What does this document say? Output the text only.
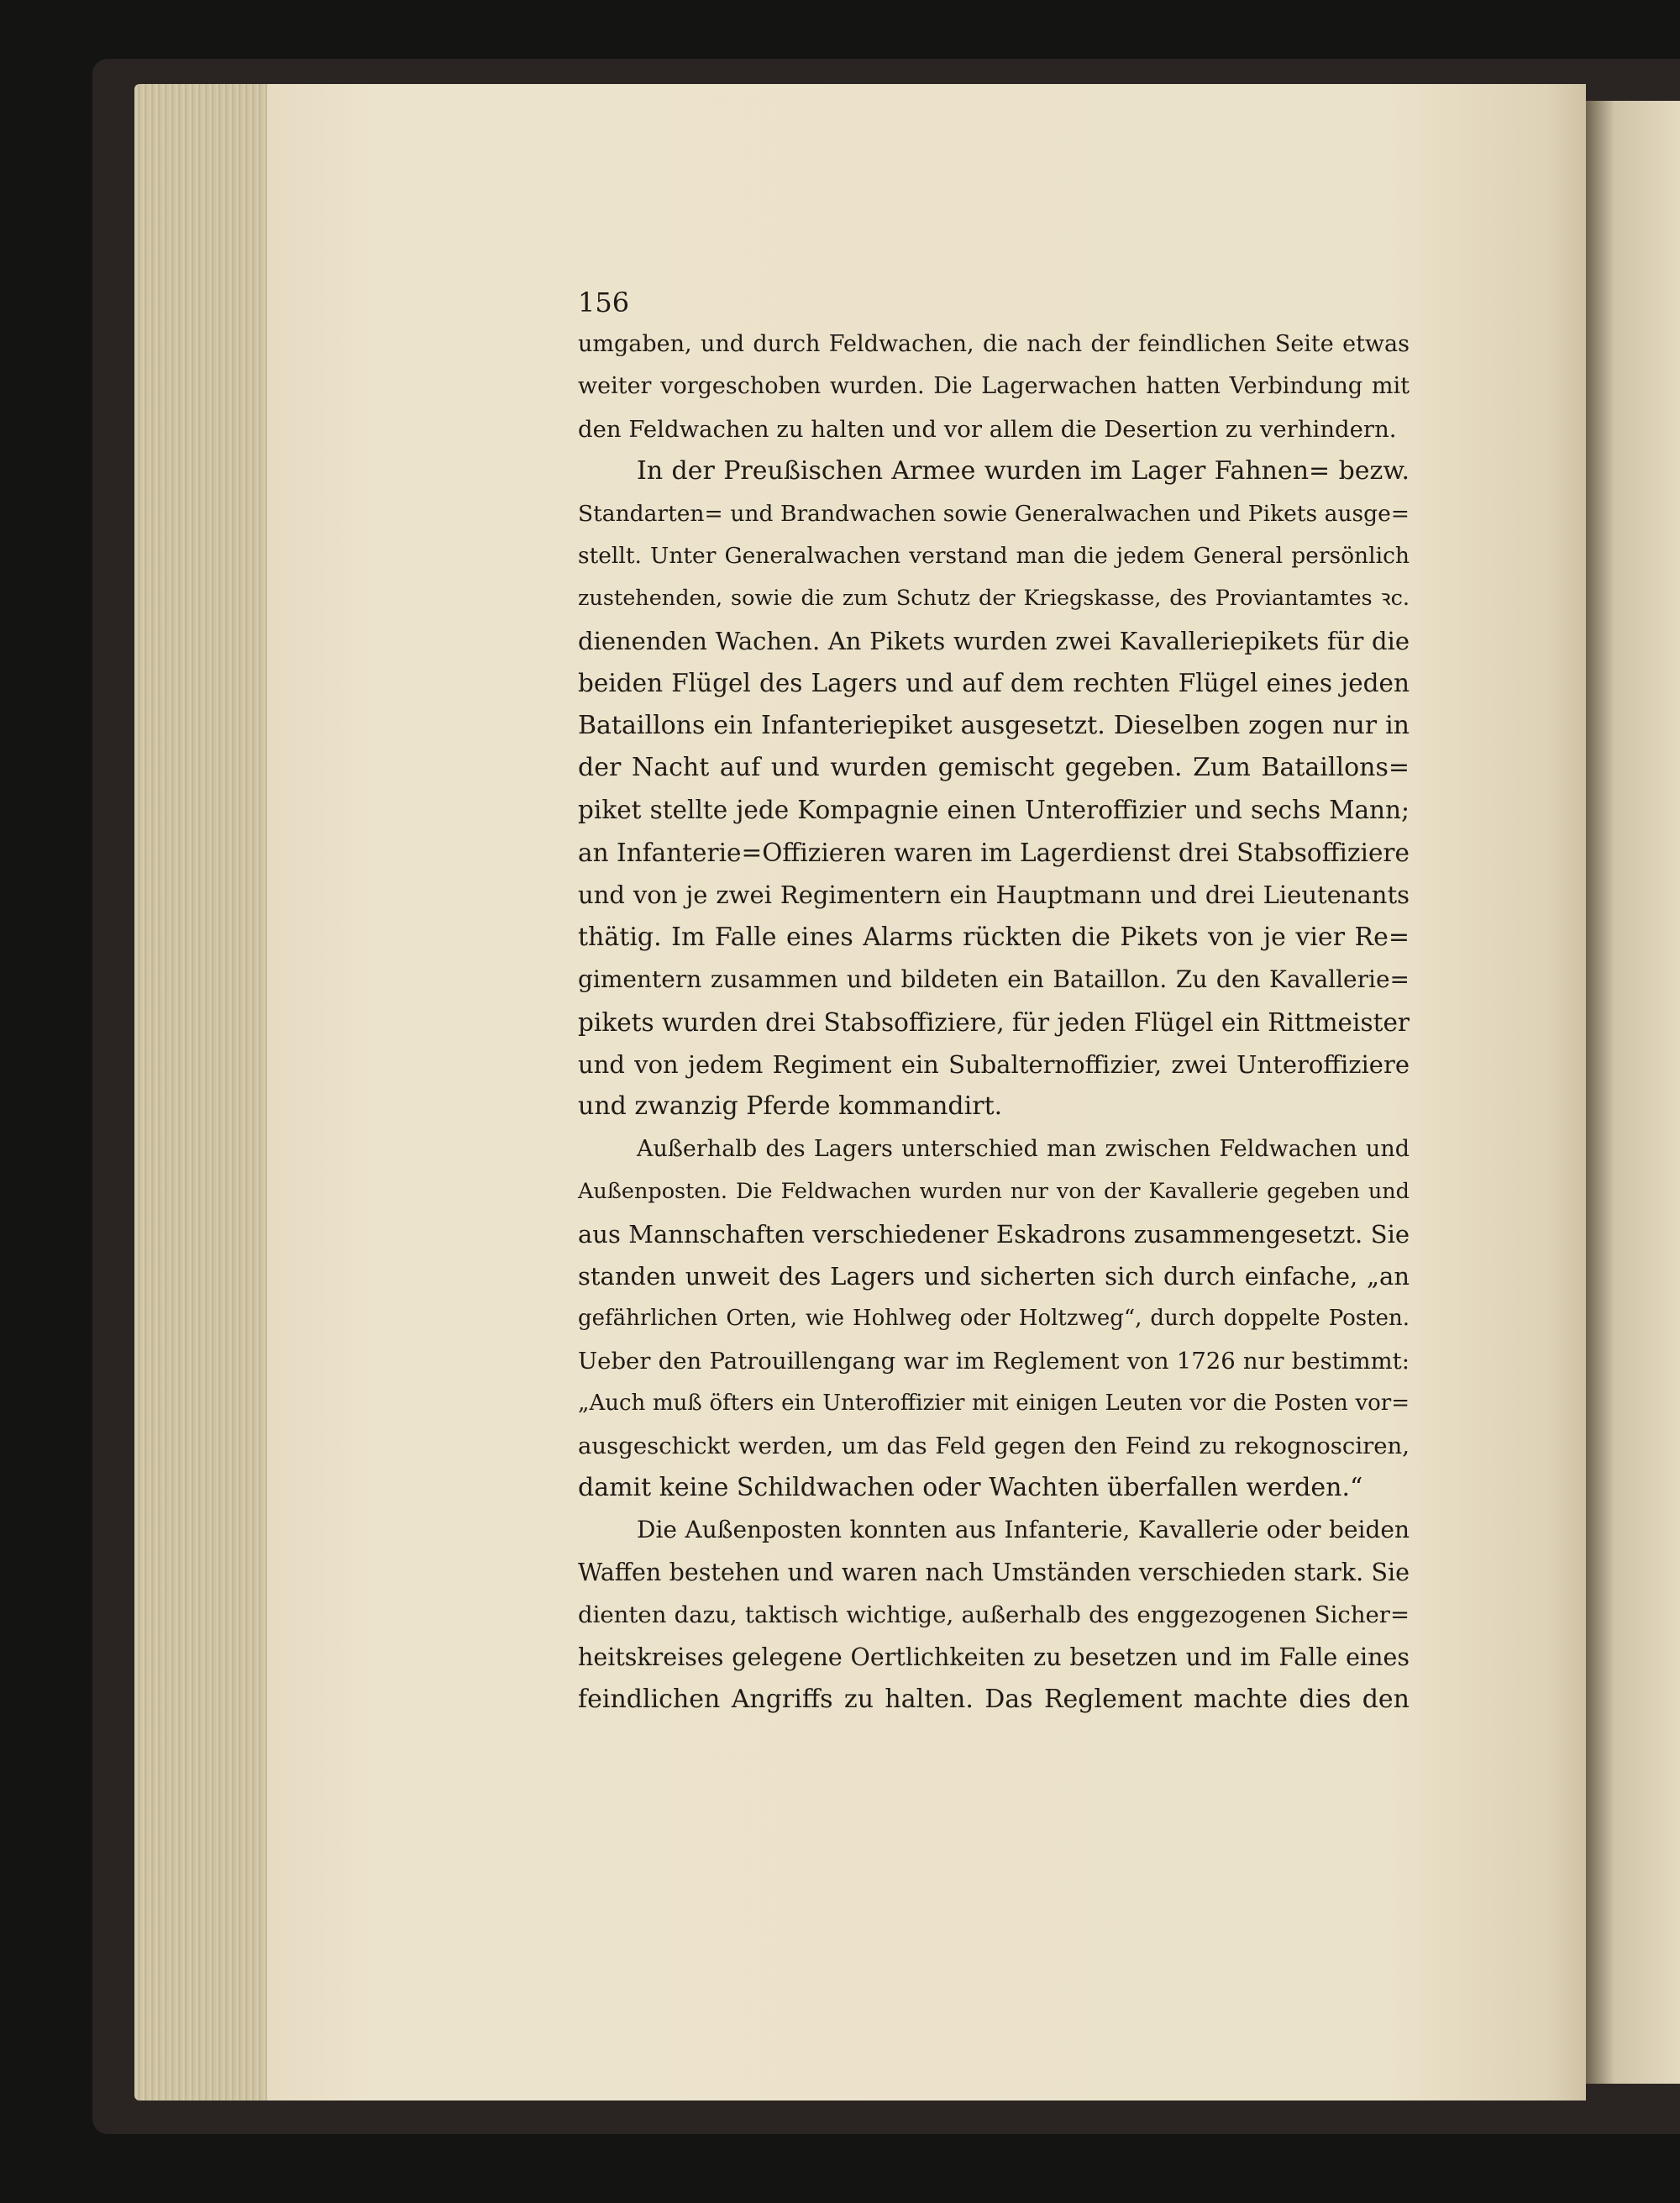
156
umgaben, und durch Feldwachen, die nach der feindlichen Seite etwas
weiter vorgeschoben wurden. Die Lagerwachen hatten Verbindung mit
den Feldwachen zu halten und vor allem die Desertion zu verhindern.
In der Preußischen Armee wurden im Lager Fahnen= bezw.
Standarten= und Brandwachen sowie Generalwachen und Pikets ausge=
stellt. Unter Generalwachen verstand man die jedem General persönlich
zustehenden, sowie die zum Schutz der Kriegskasse, des Proviantamtes ꝛc.
dienenden Wachen. An Pikets wurden zwei Kavalleriepikets für die
beiden Flügel des Lagers und auf dem rechten Flügel eines jeden
Bataillons ein Infanteriepiket ausgesetzt. Dieselben zogen nur in
der Nacht auf und wurden gemischt gegeben. Zum Bataillons=
piket stellte jede Kompagnie einen Unteroffizier und sechs Mann;
an Infanterie=Offizieren waren im Lagerdienst drei Stabsoffiziere
und von je zwei Regimentern ein Hauptmann und drei Lieutenants
thätig. Im Falle eines Alarms rückten die Pikets von je vier Re=
gimentern zusammen und bildeten ein Bataillon. Zu den Kavallerie=
pikets wurden drei Stabsoffiziere, für jeden Flügel ein Rittmeister
und von jedem Regiment ein Subalternoffizier, zwei Unteroffiziere
und zwanzig Pferde kommandirt.
Außerhalb des Lagers unterschied man zwischen Feldwachen und
Außenposten. Die Feldwachen wurden nur von der Kavallerie gegeben und
aus Mannschaften verschiedener Eskadrons zusammengesetzt. Sie
standen unweit des Lagers und sicherten sich durch einfache, „an
gefährlichen Orten, wie Hohlweg oder Holtzweg“, durch doppelte Posten.
Ueber den Patrouillengang war im Reglement von 1726 nur bestimmt:
„Auch muß öfters ein Unteroffizier mit einigen Leuten vor die Posten vor=
ausgeschickt werden, um das Feld gegen den Feind zu rekognosciren,
damit keine Schildwachen oder Wachten überfallen werden.“
Die Außenposten konnten aus Infanterie, Kavallerie oder beiden
Waffen bestehen und waren nach Umständen verschieden stark. Sie
dienten dazu, taktisch wichtige, außerhalb des enggezogenen Sicher=
heitskreises gelegene Oertlichkeiten zu besetzen und im Falle eines
feindlichen Angriffs zu halten. Das Reglement machte dies den
